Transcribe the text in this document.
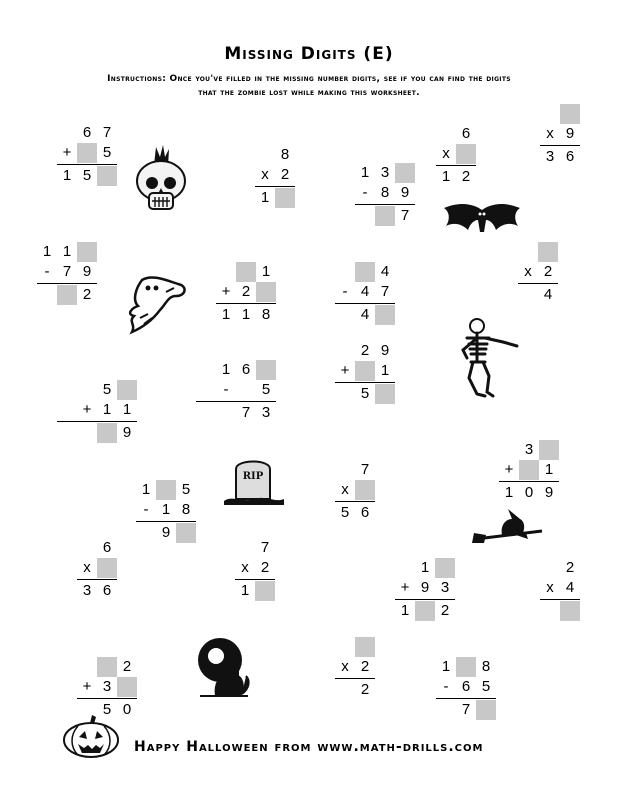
Missing Digits (E)
Instructions: Once you've filled in the missing number digits, see if you can find the digits
that the zombie lost while making this worksheet.
6 7
+	5
1 5
8
x 2
1
1 3
- 8 9
7
6
x
1 2
x 9
3 6
1 1
- 7 9
2
1
+ 2
1 1 8
4
- 4 7
4
x 2
4
2 9
+	1
5
1 6
-	5
7 3
5
+ 1 1
9
3
+	1
1 0 9
1	5
- 1 8
9
7
x
5 6
6
x
3 6
7
x 2
1
1
+ 9 3
1	2
2
x 4
2
+ 3
5 0
x 2
2
1	8
- 6 5
7
RIP
Happy Halloween from www.math-drills.com
